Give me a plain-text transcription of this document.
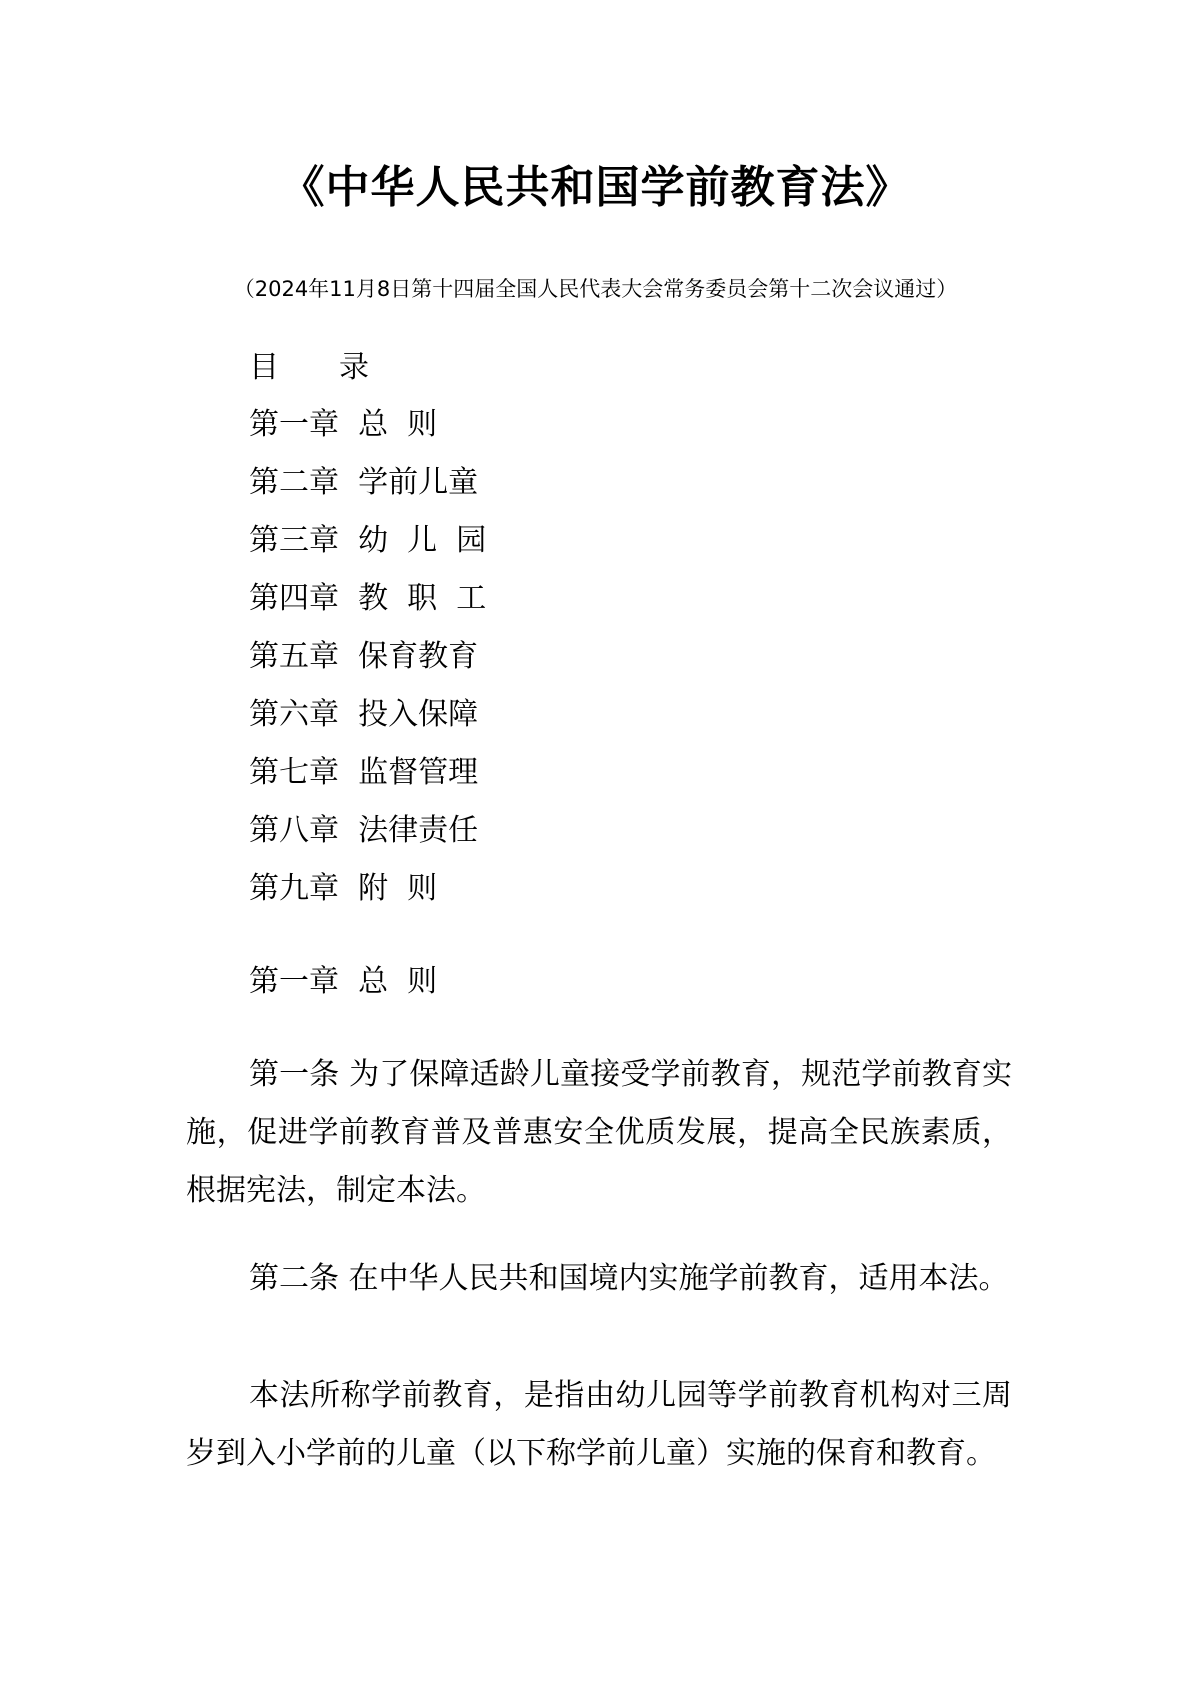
《中华人民共和国学前教育法》
（2024年11月8日第十四届全国人民代表大会常务委员会第十二次会议通过）
目　　录
第一章  总  则
第二章  学前儿童
第三章  幼  儿  园
第四章  教  职  工
第五章  保育教育
第六章  投入保障
第七章  监督管理
第八章  法律责任
第九章  附  则
第一章  总  则

第一条 为了保障适龄儿童接受学前教育，规范学前教育实施，促进学前教育普及普惠安全优质发展，提高全民族素质，根据宪法，制定本法。

第二条 在中华人民共和国境内实施学前教育，适用本法。

本法所称学前教育，是指由幼儿园等学前教育机构对三周岁到入小学前的儿童（以下称学前儿童）实施的保育和教育。
